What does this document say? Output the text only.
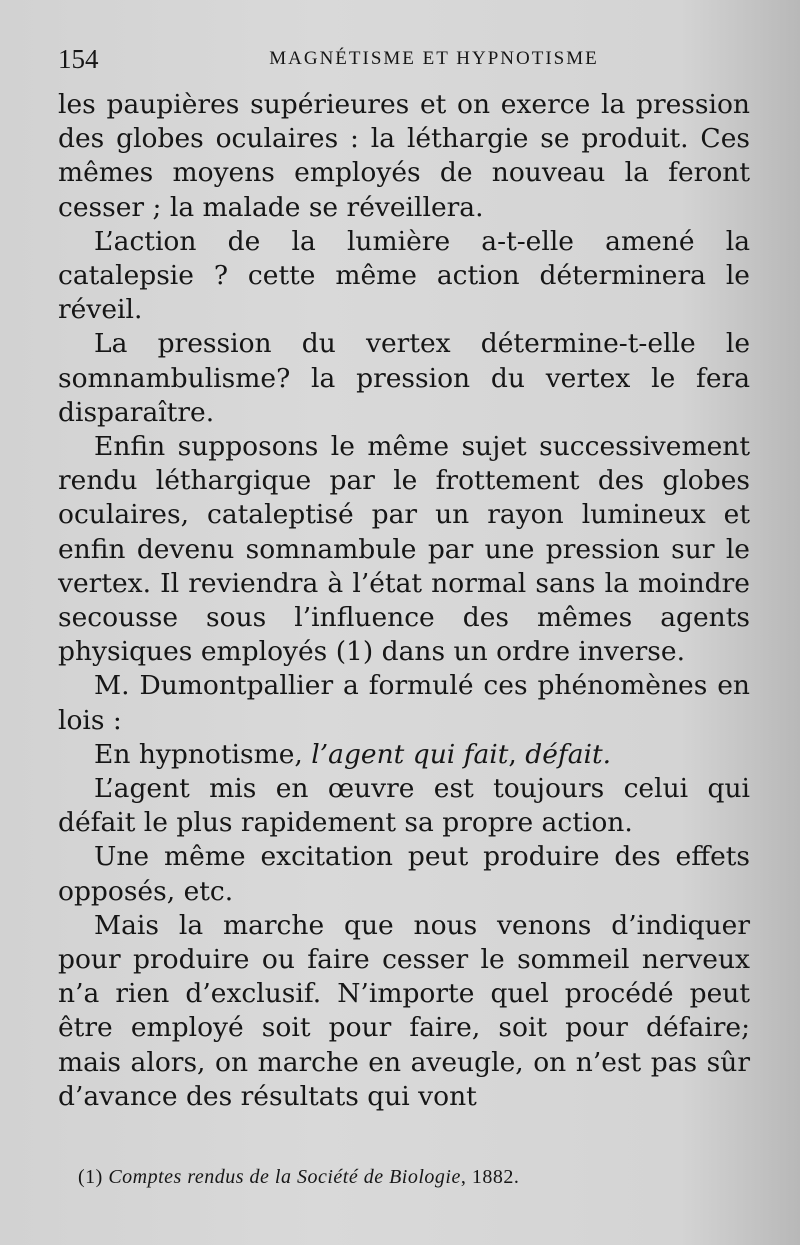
154	MAGNÉTISME ET HYPNOTISME

les paupières supérieures et on exerce la pression des globes oculaires : la léthargie se produit. Ces mêmes moyens employés de nouveau la feront cesser ; la malade se réveillera.

L’action de la lumière a-t-elle amené la catalepsie ? cette même action déterminera le réveil.

La pression du vertex détermine-t-elle le somnambulisme? la pression du vertex le fera disparaître.

Enfin supposons le même sujet successivement rendu léthargique par le frottement des globes oculaires, cataleptisé par un rayon lumineux et enfin devenu somnambule par une pression sur le vertex. Il reviendra à l’état normal sans la moindre secousse sous l’influence des mêmes agents physiques employés (1) dans un ordre inverse.

M. Dumontpallier a formulé ces phénomènes en lois :

En hypnotisme, l’agent qui fait, défait.

L’agent mis en œuvre est toujours celui qui défait le plus rapidement sa propre action.

Une même excitation peut produire des effets opposés, etc.

Mais la marche que nous venons d’indiquer pour produire ou faire cesser le sommeil nerveux n’a rien d’exclusif. N’importe quel procédé peut être employé soit pour faire, soit pour défaire; mais alors, on marche en aveugle, on n’est pas sûr d’avance des résultats qui vont

(1) Comptes rendus de la Société de Biologie, 1882.
